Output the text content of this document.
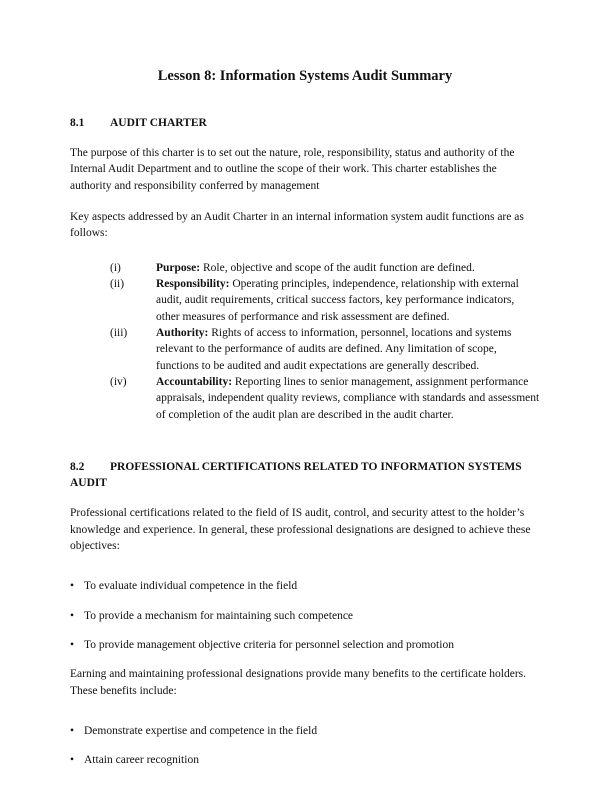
Lesson 8: Information Systems Audit Summary
8.1 AUDIT CHARTER

The purpose of this charter is to set out the nature, role, responsibility, status and authority of the Internal Audit Department and to outline the scope of their work. This charter establishes the authority and responsibility conferred by management

Key aspects addressed by an Audit Charter in an internal information system audit functions are as follows:

(i)	Purpose: Role, objective and scope of the audit function are defined.
(ii)	Responsibility: Operating principles, independence, relationship with external audit, audit requirements, critical success factors, key performance indicators, other measures of performance and risk assessment are defined.
(iii)	Authority: Rights of access to information, personnel, locations and systems relevant to the performance of audits are defined. Any limitation of scope, functions to be audited and audit expectations are generally described.
(iv)	Accountability: Reporting lines to senior management, assignment performance appraisals, independent quality reviews, compliance with standards and assessment of completion of the audit plan are described in the audit charter.
8.2 PROFESSIONAL CERTIFICATIONS RELATED TO INFORMATION SYSTEMS AUDIT

Professional certifications related to the field of IS audit, control, and security attest to the holder’s knowledge and experience. In general, these professional designations are designed to achieve these objectives:

• To evaluate individual competence in the field
• To provide a mechanism for maintaining such competence
• To provide management objective criteria for personnel selection and promotion

Earning and maintaining professional designations provide many benefits to the certificate holders. These benefits include:

• Demonstrate expertise and competence in the field
• Attain career recognition
